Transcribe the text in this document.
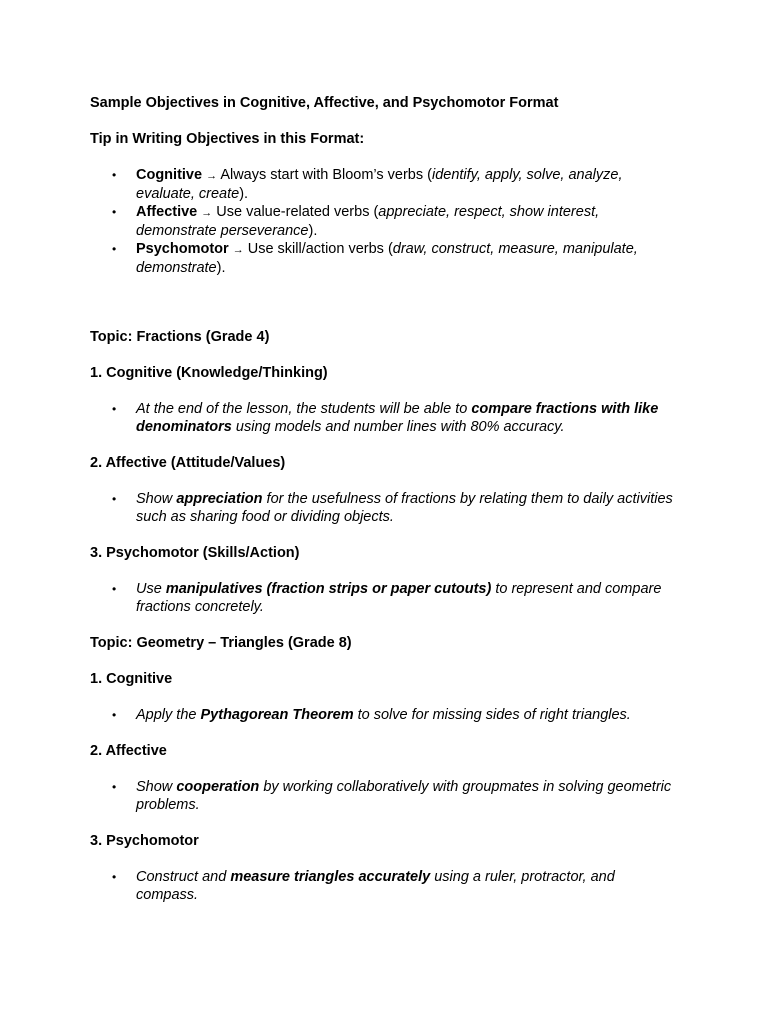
Sample Objectives in Cognitive, Affective, and Psychomotor Format

Tip in Writing Objectives in this Format:

• Cognitive → Always start with Bloom’s verbs (identify, apply, solve, analyze, evaluate, create).
• Affective → Use value-related verbs (appreciate, respect, show interest, demonstrate perseverance).
• Psychomotor → Use skill/action verbs (draw, construct, measure, manipulate, demonstrate).

Topic: Fractions (Grade 4)

1. Cognitive (Knowledge/Thinking)

• At the end of the lesson, the students will be able to compare fractions with like denominators using models and number lines with 80% accuracy.

2. Affective (Attitude/Values)

• Show appreciation for the usefulness of fractions by relating them to daily activities such as sharing food or dividing objects.

3. Psychomotor (Skills/Action)

• Use manipulatives (fraction strips or paper cutouts) to represent and compare fractions concretely.

Topic: Geometry – Triangles (Grade 8)

1. Cognitive

• Apply the Pythagorean Theorem to solve for missing sides of right triangles.

2. Affective

• Show cooperation by working collaboratively with groupmates in solving geometric problems.

3. Psychomotor

• Construct and measure triangles accurately using a ruler, protractor, and compass.
